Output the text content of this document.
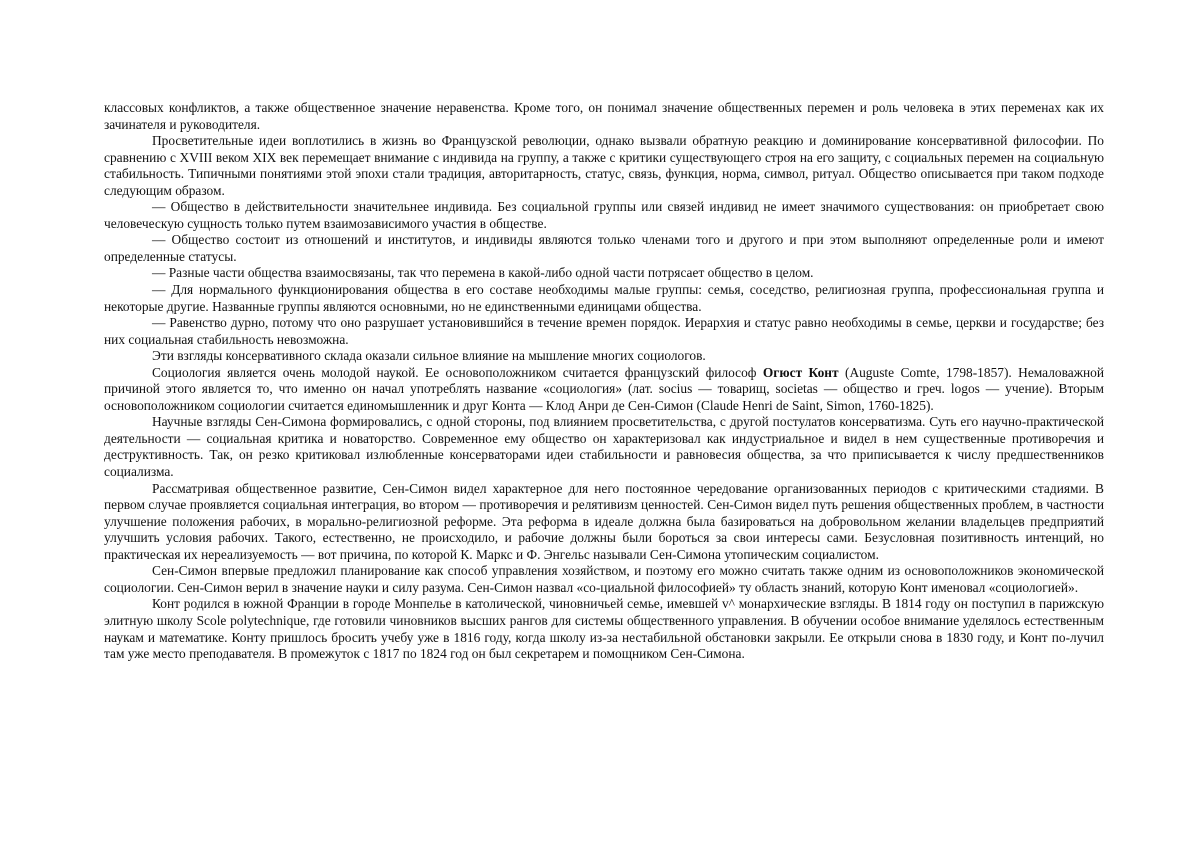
классовых конфликтов, а также общественное значение неравенства. Кроме того, он понимал значение общественных перемен и роль человека в этих переменах как их зачинателя и руководителя.

Просветительные идеи воплотились в жизнь во Французской революции, однако вызвали обратную реакцию и доминирование консервативной философии. По сравнению с XVIII веком XIX век перемещает внимание с индивида на группу, а также с критики существующего строя на его защиту, с социальных перемен на социальную стабильность. Типичными понятиями этой эпохи стали традиция, авторитарность, статус, связь, функция, норма, символ, ритуал. Общество описывается при таком подходе следующим образом.

— Общество в действительности значительнее индивида. Без социальной группы или связей индивид не имеет значимого существования: он приобретает свою человеческую сущность только путем взаимозависимого участия в обществе.

— Общество состоит из отношений и институтов, и индивиды являются только членами того и другого и при этом выполняют определенные роли и имеют определенные статусы.

— Разные части общества взаимосвязаны, так что перемена в какой-либо одной части потрясает общество в целом.

— Для нормального функционирования общества в его составе необходимы малые группы: семья, соседство, религиозная группа, профессиональная группа и некоторые другие. Названные группы являются основными, но не единственными единицами общества.

— Равенство дурно, потому что оно разрушает установившийся в течение времен порядок. Иерархия и статус равно необходимы в семье, церкви и государстве; без них социальная стабильность невозможна.

Эти взгляды консервативного склада оказали сильное влияние на мышление многих социологов.

Социология является очень молодой наукой. Ее основоположником считается французский философ Огюст Конт (Auguste Comte, 1798-1857). Немаловажной причиной этого является то, что именно он начал употреблять название «социология» (лат. socius — товарищ, societas — общество и греч. logos — учение). Вторым основоположником социологии считается единомышленник и друг Конта — Клод Анри де Сен-Симон (Claude Henri de Saint, Simon, 1760-1825).

Научные взгляды Сен-Симона формировались, с одной стороны, под влиянием просветительства, с другой постулатов консерватизма. Суть его научно-практической деятельности — социальная критика и новаторство. Современное ему общество он характеризовал как индустриальное и видел в нем существенные противоречия и деструктивность. Так, он резко критиковал излюбленные консерваторами идеи стабильности и равновесия общества, за что приписывается к числу предшественников социализма.

Рассматривая общественное развитие, Сен-Симон видел характерное для него постоянное чередование организованных периодов с критическими стадиями. В первом случае проявляется социальная интеграция, во втором — противоречия и релятивизм ценностей. Сен-Симон видел путь решения общественных проблем, в частности улучшение положения рабочих, в морально-религиозной реформе. Эта реформа в идеале должна была базироваться на добровольном желании владельцев предприятий улучшить условия рабочих. Такого, естественно, не происходило, и рабочие должны были бороться за свои интересы сами. Безусловная позитивность интенций, но практическая их нереализуемость — вот причина, по которой К. Маркс и Ф. Энгельс называли Сен-Симона утопическим социалистом.

Сен-Симон впервые предложил планирование как способ управления хозяйством, и поэтому его можно считать также одним из основоположников экономической социологии. Сен-Симон верил в значение науки и силу разума. Сен-Симон назвал «со-циальной философией» ту область знаний, которую Конт именовал «социологией».

Конт родился в южной Франции в городе Монпелье в католической, чиновничьей семье, имевшей v^ монархические взгляды. В 1814 году он поступил в парижскую элитную школу Scole polytechnique, где готовили чиновников высших рангов для системы общественного управления. В обучении особое внимание уделялось естественным наукам и математике. Конту пришлось бросить учебу уже в 1816 году, когда школу из-за нестабильной обстановки закрыли. Ее открыли снова в 1830 году, и Конт по-лучил там уже место преподавателя. В промежуток с 1817 по 1824 год он был секретарем и помощником Сен-Симона.
